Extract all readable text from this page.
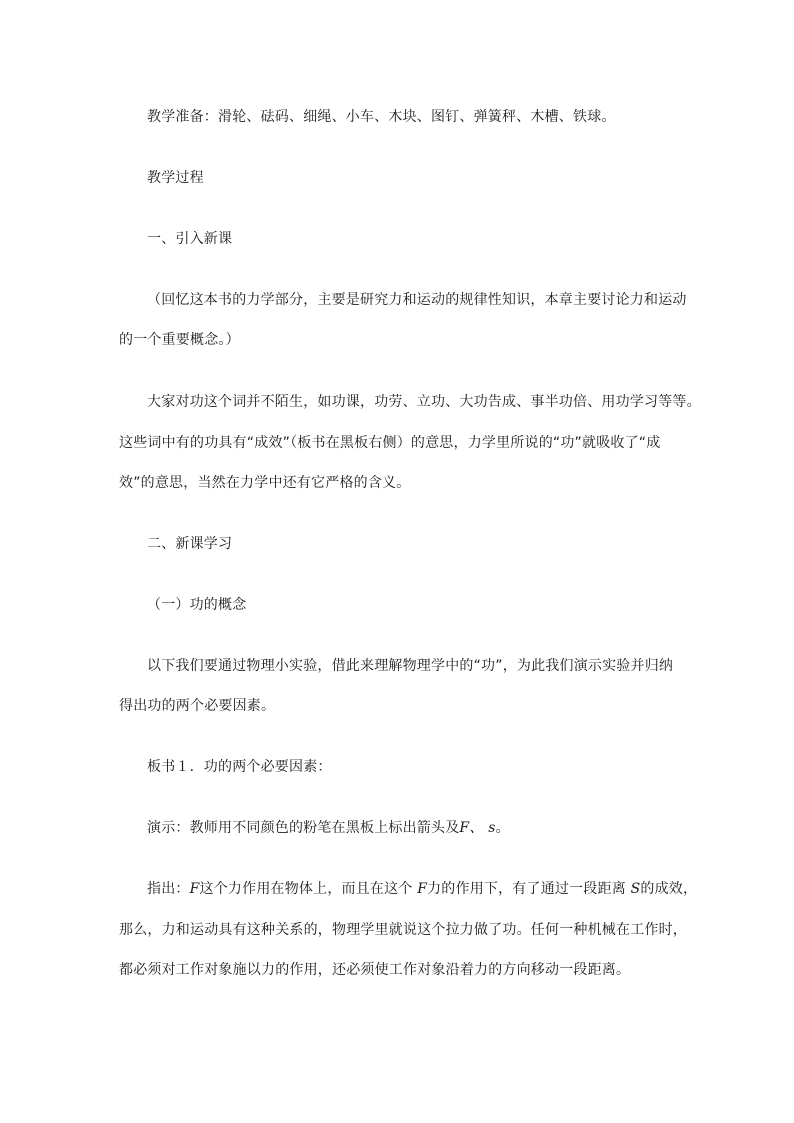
教学准备：滑轮、砝码、细绳、小车、木块、图钉、弹簧秤、木槽、铁球。
教学过程
一、引入新课
（回忆这本书的力学部分，主要是研究力和运动的规律性知识，本章主要讨论力和运动
的一个重要概念。）
大家对功这个词并不陌生，如功课，功劳、立功、大功告成、事半功倍、用功学习等等。
这些词中有的功具有“成效”（板书在黑板右侧）的意思，力学里所说的“功”就吸收了“成
效”的意思，当然在力学中还有它严格的含义。
二、新课学习
（一）功的概念
以下我们要通过物理小实验，借此来理解物理学中的“功”，为此我们演示实验并归纳
得出功的两个必要因素。
板书１．功的两个必要因素：
演示：教师用不同颜色的粉笔在黑板上标出箭头及F、 s。
指出：F这个力作用在物体上，而且在这个 F力的作用下，有了通过一段距离 S的成效，
那么，力和运动具有这种关系的，物理学里就说这个拉力做了功。任何一种机械在工作时，
都必须对工作对象施以力的作用，还必须使工作对象沿着力的方向移动一段距离。
